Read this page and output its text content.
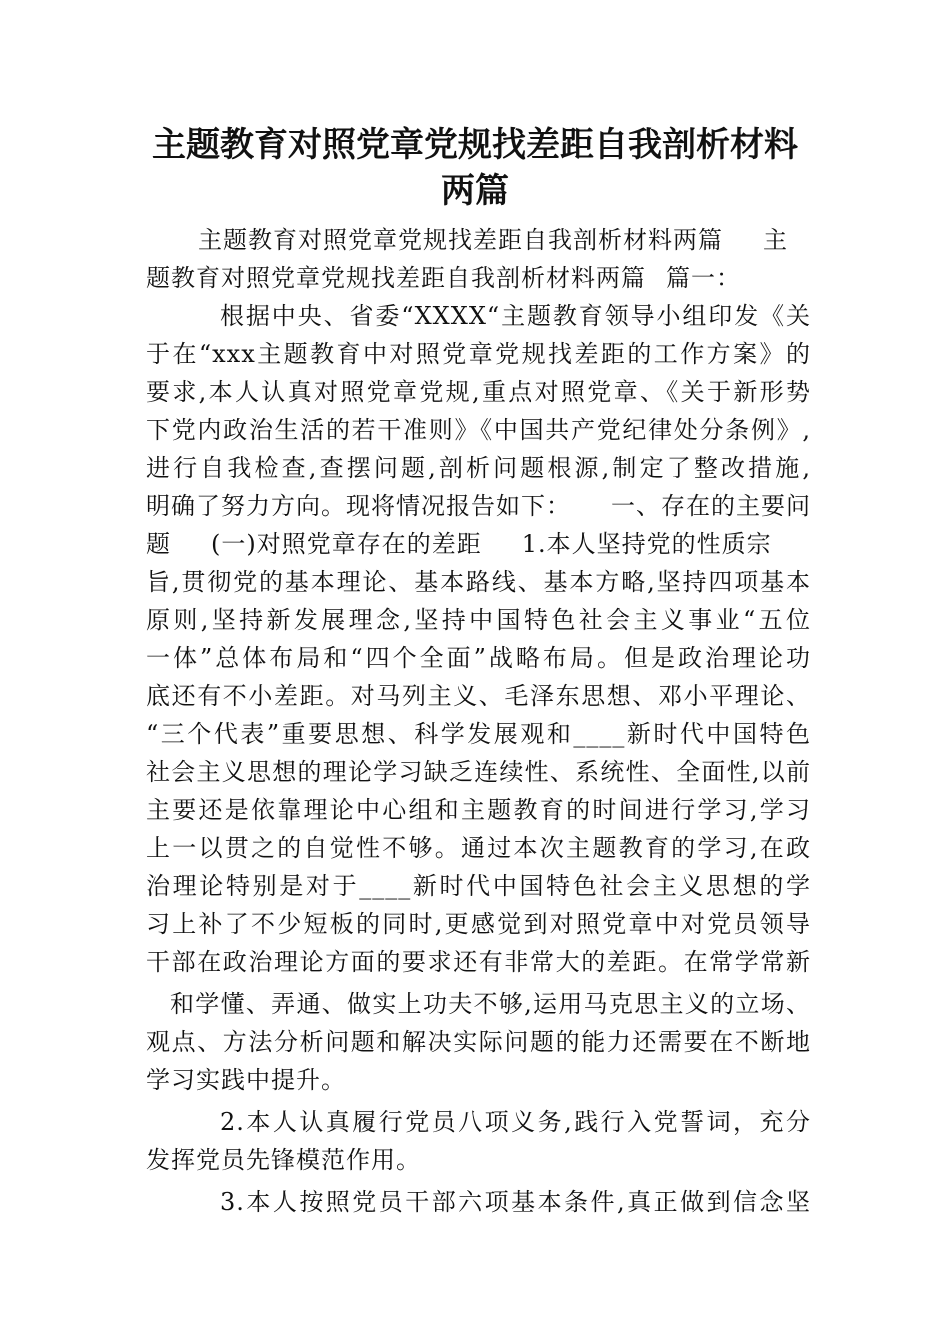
主题教育对照党章党规找差距自我剖析材料
两篇
主题教育对照党章党规找差距自我剖析材料两篇 主
题教育对照党章党规找差距自我剖析材料两篇 篇一：
根据中央、省委“XXXX“主题教育领导小组印发《关
于在“xxx主题教育中对照党章党规找差距的工作方案》的
要求,本人认真对照党章党规,重点对照党章、《关于新形势
下党内政治生活的若干准则》《中国共产党纪律处分条例》,
进行自我检查,查摆问题,剖析问题根源,制定了整改措施,
明确了努力方向。现将情况报告如下： 一、存在的主要问
题 (一)对照党章存在的差距 1.本人坚持党的性质宗
旨,贯彻党的基本理论、基本路线、基本方略,坚持四项基本
原则,坚持新发展理念,坚持中国特色社会主义事业“五位
一体”总体布局和“四个全面”战略布局。但是政治理论功
底还有不小差距。对马列主义、毛泽东思想、邓小平理论、
“三个代表”重要思想、科学发展观和____新时代中国特色
社会主义思想的理论学习缺乏连续性、系统性、全面性,以前
主要还是依靠理论中心组和主题教育的时间进行学习,学习
上一以贯之的自觉性不够。通过本次主题教育的学习,在政
治理论特别是对于____新时代中国特色社会主义思想的学
习上补了不少短板的同时,更感觉到对照党章中对党员领导
干部在政治理论方面的要求还有非常大的差距。在常学常新
和学懂、弄通、做实上功夫不够,运用马克思主义的立场、
观点、方法分析问题和解决实际问题的能力还需要在不断地
学习实践中提升。
2.本人认真履行党员八项义务,践行入党誓词，充分
发挥党员先锋模范作用。
3.本人按照党员干部六项基本条件,真正做到信念坚
